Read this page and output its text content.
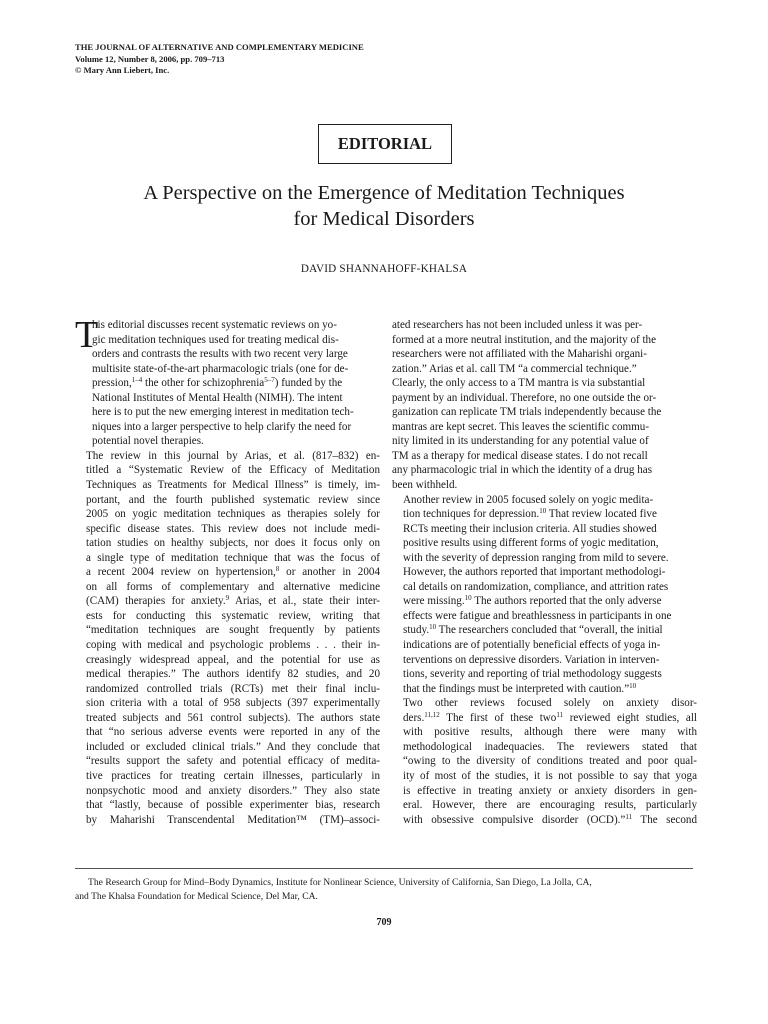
THE JOURNAL OF ALTERNATIVE AND COMPLEMENTARY MEDICINE
Volume 12, Number 8, 2006, pp. 709–713
© Mary Ann Liebert, Inc.
EDITORIAL
A Perspective on the Emergence of Meditation Techniques
for Medical Disorders
DAVID SHANNAHOFF-KHALSA
T

his editorial discusses recent systematic reviews on yo-
gic meditation techniques used for treating medical dis-
orders and contrasts the results with two recent very large
multisite state-of-the-art pharmacologic trials (one for de-
pression,$^{1-4}$ the other for schizophrenia$^{5-7}$) funded by the
National Institutes of Mental Health (NIMH). The intent
here is to put the new emerging interest in meditation tech-
niques into a larger perspective to help clarify the need for
potential novel therapies.

The review in this journal by Arias, et al. (817–832) en-
titled a “Systematic Review of the Efficacy of Meditation
Techniques as Treatments for Medical Illness” is timely, im-
portant, and the fourth published systematic review since
2005 on yogic meditation techniques as therapies solely for
specific disease states. This review does not include medi-
tation studies on healthy subjects, nor does it focus only on
a single type of meditation technique that was the focus of
a recent 2004 review on hypertension,$^8$ or another in 2004
on all forms of complementary and alternative medicine
(CAM) therapies for anxiety.$^9$ Arias, et al., state their inter-
ests for conducting this systematic review, writing that
“meditation techniques are sought frequently by patients
coping with medical and psychologic problems . . . their in-
creasingly widespread appeal, and the potential for use as
medical therapies.” The authors identify 82 studies, and 20
randomized controlled trials (RCTs) met their final inclu-
sion criteria with a total of 958 subjects (397 experimentally
treated subjects and 561 control subjects). The authors state
that “no serious adverse events were reported in any of the
included or excluded clinical trials.” And they conclude that
“results support the safety and potential efficacy of medita-
tive practices for treating certain illnesses, particularly in
nonpsychotic mood and anxiety disorders.” They also state
that “lastly, because of possible experimenter bias, research
by Maharishi Transcendental Meditation™ (TM)–associ-

ated researchers has not been included unless it was per-
formed at a more neutral institution, and the majority of the
researchers were not affiliated with the Maharishi organi-
zation.” Arias et al. call TM “a commercial technique.”
Clearly, the only access to a TM mantra is via substantial
payment by an individual. Therefore, no one outside the or-
ganization can replicate TM trials independently because the
mantras are kept secret. This leaves the scientific commu-
nity limited in its understanding for any potential value of
TM as a therapy for medical disease states. I do not recall
any pharmacologic trial in which the identity of a drug has
been withheld.

Another review in 2005 focused solely on yogic medita-
tion techniques for depression.$^{10}$ That review located five
RCTs meeting their inclusion criteria. All studies showed
positive results using different forms of yogic meditation,
with the severity of depression ranging from mild to severe.
However, the authors reported that important methodologi-
cal details on randomization, compliance, and attrition rates
were missing.$^{10}$ The authors reported that the only adverse
effects were fatigue and breathlessness in participants in one
study.$^{10}$ The researchers concluded that “overall, the initial
indications are of potentially beneficial effects of yoga in-
terventions on depressive disorders. Variation in interven-
tions, severity and reporting of trial methodology suggests
that the findings must be interpreted with caution.”$^{10}$

Two other reviews focused solely on anxiety disor-
ders.$^{11,12}$ The first of these two$^{11}$ reviewed eight studies, all
with positive results, although there were many with
methodological inadequacies. The reviewers stated that
“owing to the diversity of conditions treated and poor qual-
ity of most of the studies, it is not possible to say that yoga
is effective in treating anxiety or anxiety disorders in gen-
eral. However, there are encouraging results, particularly
with obsessive compulsive disorder (OCD).”$^{11}$ The second

The Research Group for Mind–Body Dynamics, Institute for Nonlinear Science, University of California, San Diego, La Jolla, CA,
and The Khalsa Foundation for Medical Science, Del Mar, CA.
709
